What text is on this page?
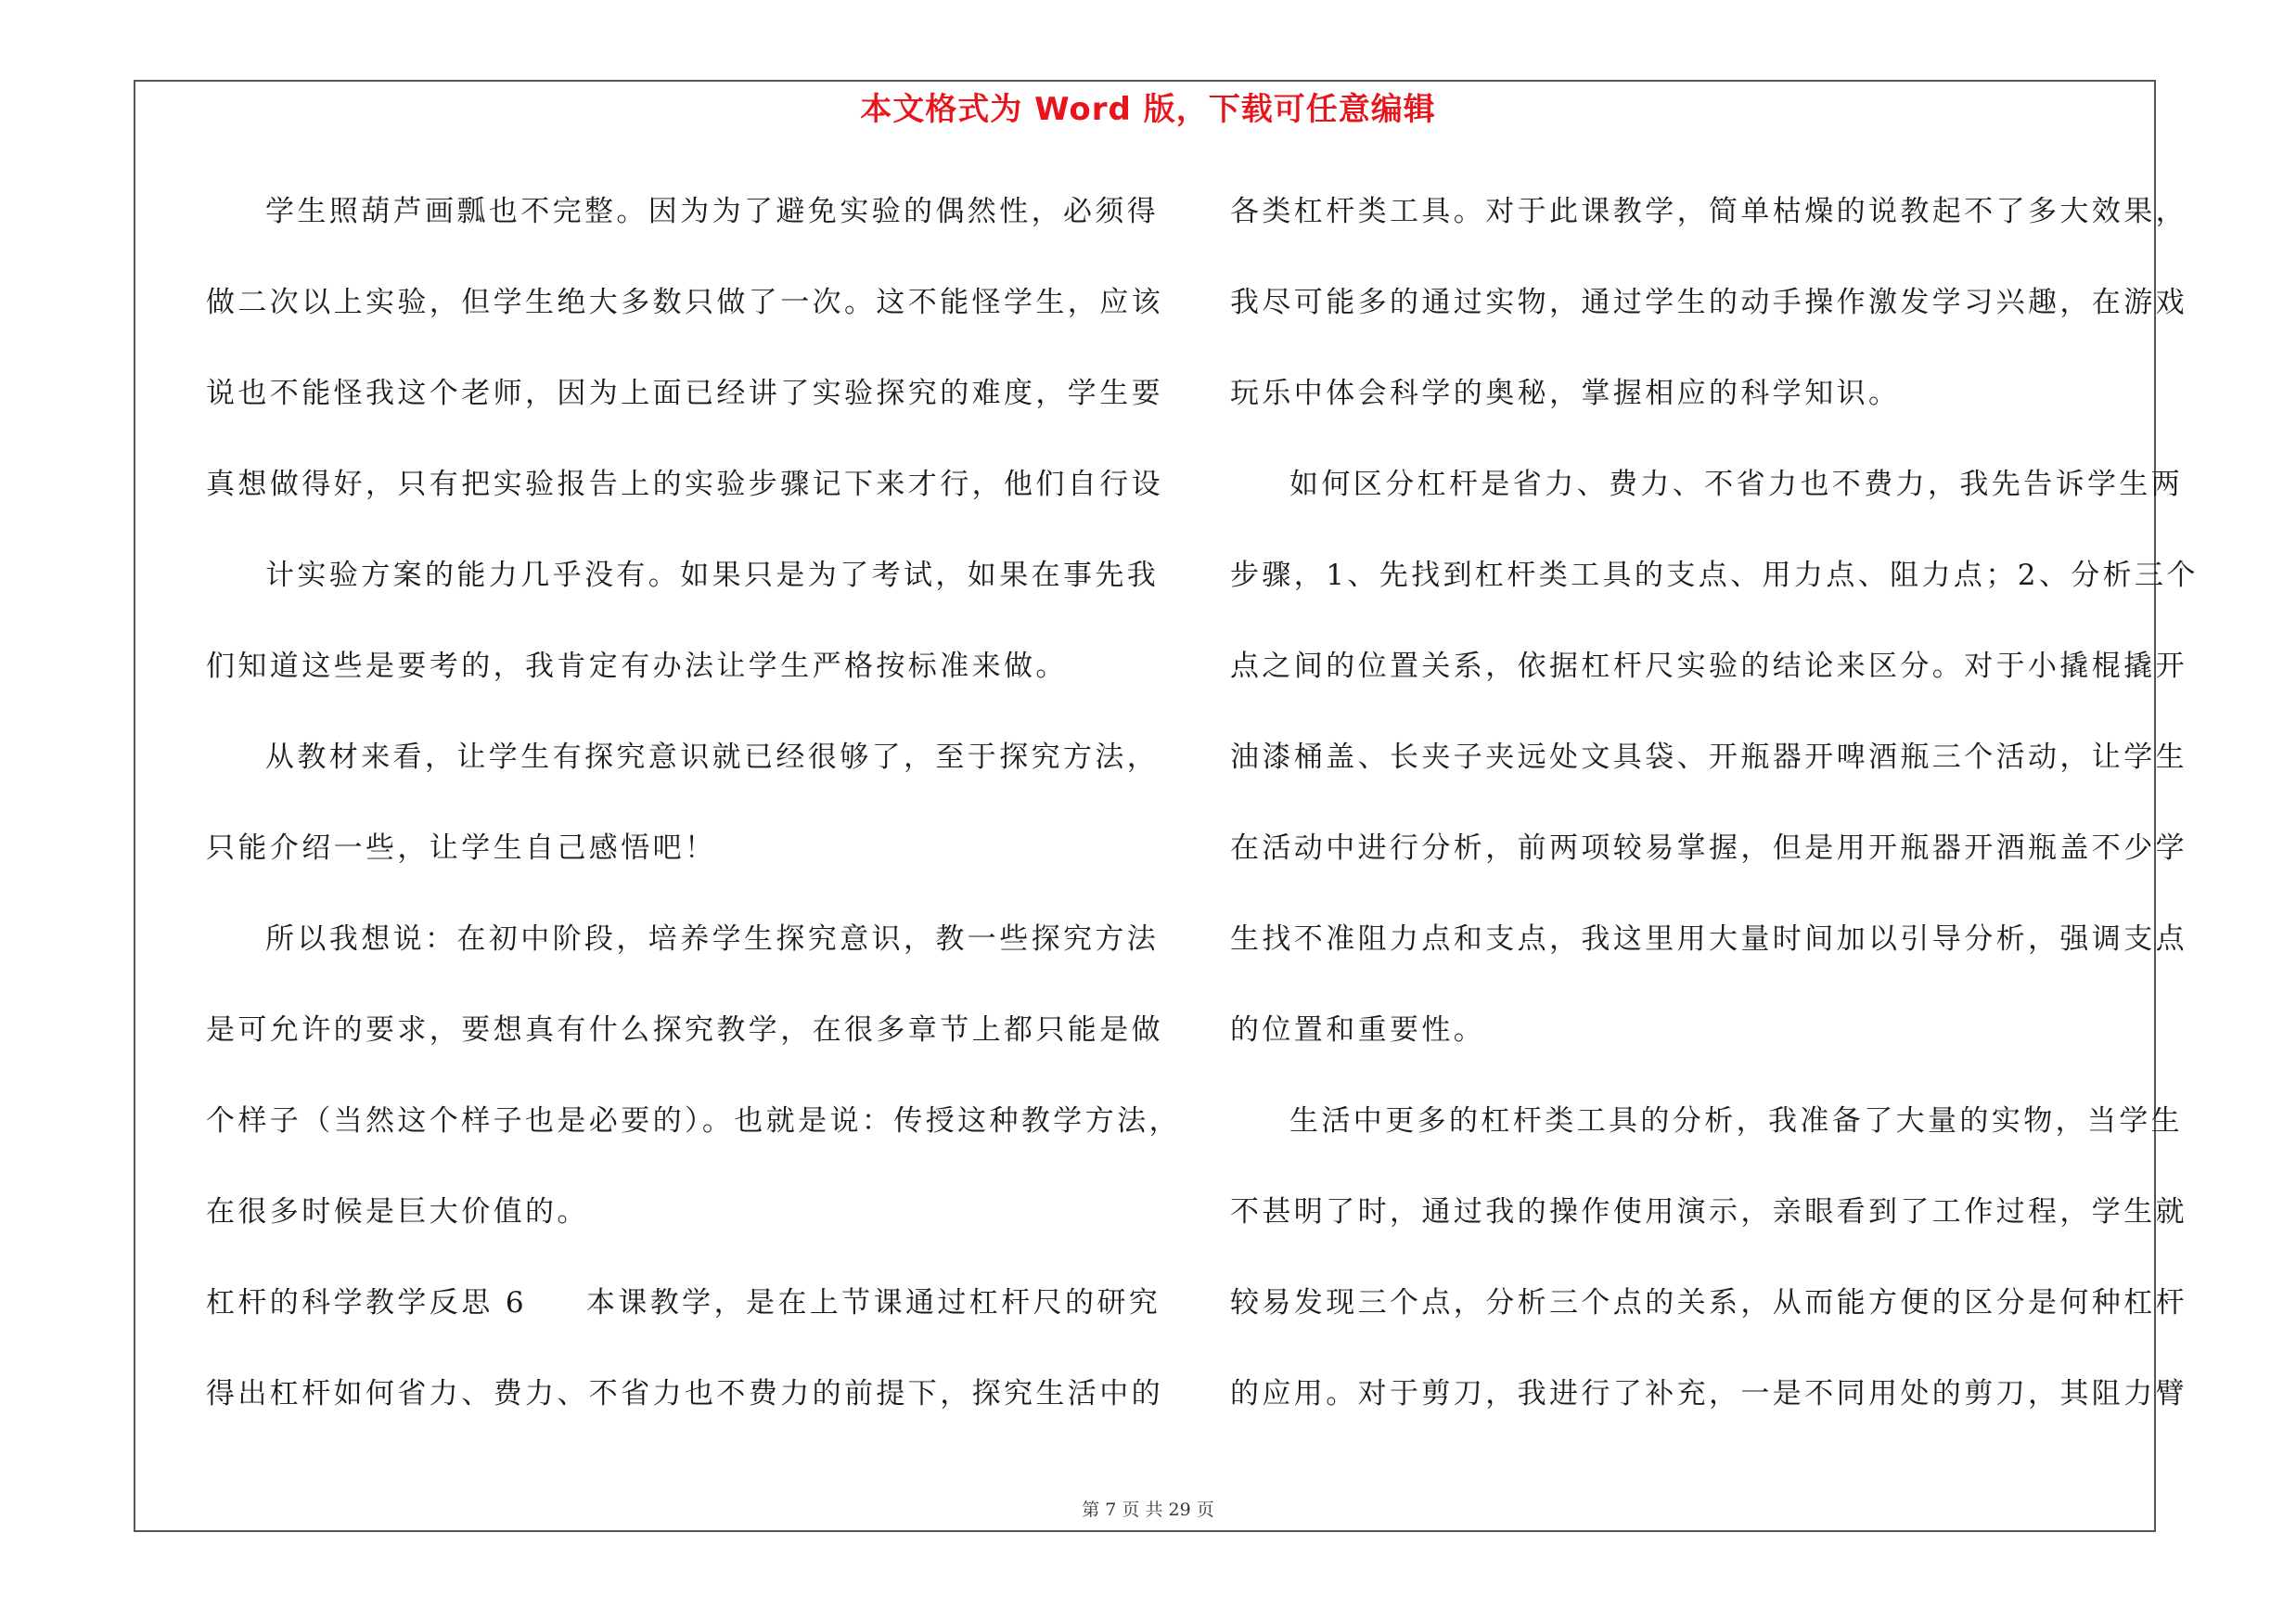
本文格式为 Word 版，下载可任意编辑
学生照葫芦画瓢也不完整。因为为了避免实验的偶然性，必须得
做二次以上实验，但学生绝大多数只做了一次。这不能怪学生，应该
说也不能怪我这个老师，因为上面已经讲了实验探究的难度，学生要
真想做得好，只有把实验报告上的实验步骤记下来才行，他们自行设
计实验方案的能力几乎没有。如果只是为了考试，如果在事先我
们知道这些是要考的，我肯定有办法让学生严格按标准来做。
从教材来看，让学生有探究意识就已经很够了，至于探究方法，
只能介绍一些，让学生自己感悟吧！
所以我想说：在初中阶段，培养学生探究意识，教一些探究方法
是可允许的要求，要想真有什么探究教学，在很多章节上都只能是做
个样子（当然这个样子也是必要的）。也就是说：传授这种教学方法，
在很多时候是巨大价值的。
杠杆的科学教学反思 6 本课教学，是在上节课通过杠杆尺的研究
得出杠杆如何省力、费力、不省力也不费力的前提下，探究生活中的
各类杠杆类工具。对于此课教学，简单枯燥的说教起不了多大效果，
我尽可能多的通过实物，通过学生的动手操作激发学习兴趣，在游戏
玩乐中体会科学的奥秘，掌握相应的科学知识。
如何区分杠杆是省力、费力、不省力也不费力，我先告诉学生两
步骤，1、先找到杠杆类工具的支点、用力点、阻力点；2、分析三个
点之间的位置关系，依据杠杆尺实验的结论来区分。对于小撬棍撬开
油漆桶盖、长夹子夹远处文具袋、开瓶器开啤酒瓶三个活动，让学生
在活动中进行分析，前两项较易掌握，但是用开瓶器开酒瓶盖不少学
生找不准阻力点和支点，我这里用大量时间加以引导分析，强调支点
的位置和重要性。
生活中更多的杠杆类工具的分析，我准备了大量的实物，当学生
不甚明了时，通过我的操作使用演示，亲眼看到了工作过程，学生就
较易发现三个点，分析三个点的关系，从而能方便的区分是何种杠杆
的应用。对于剪刀，我进行了补充，一是不同用处的剪刀，其阻力臂
第 7 页 共 29 页
